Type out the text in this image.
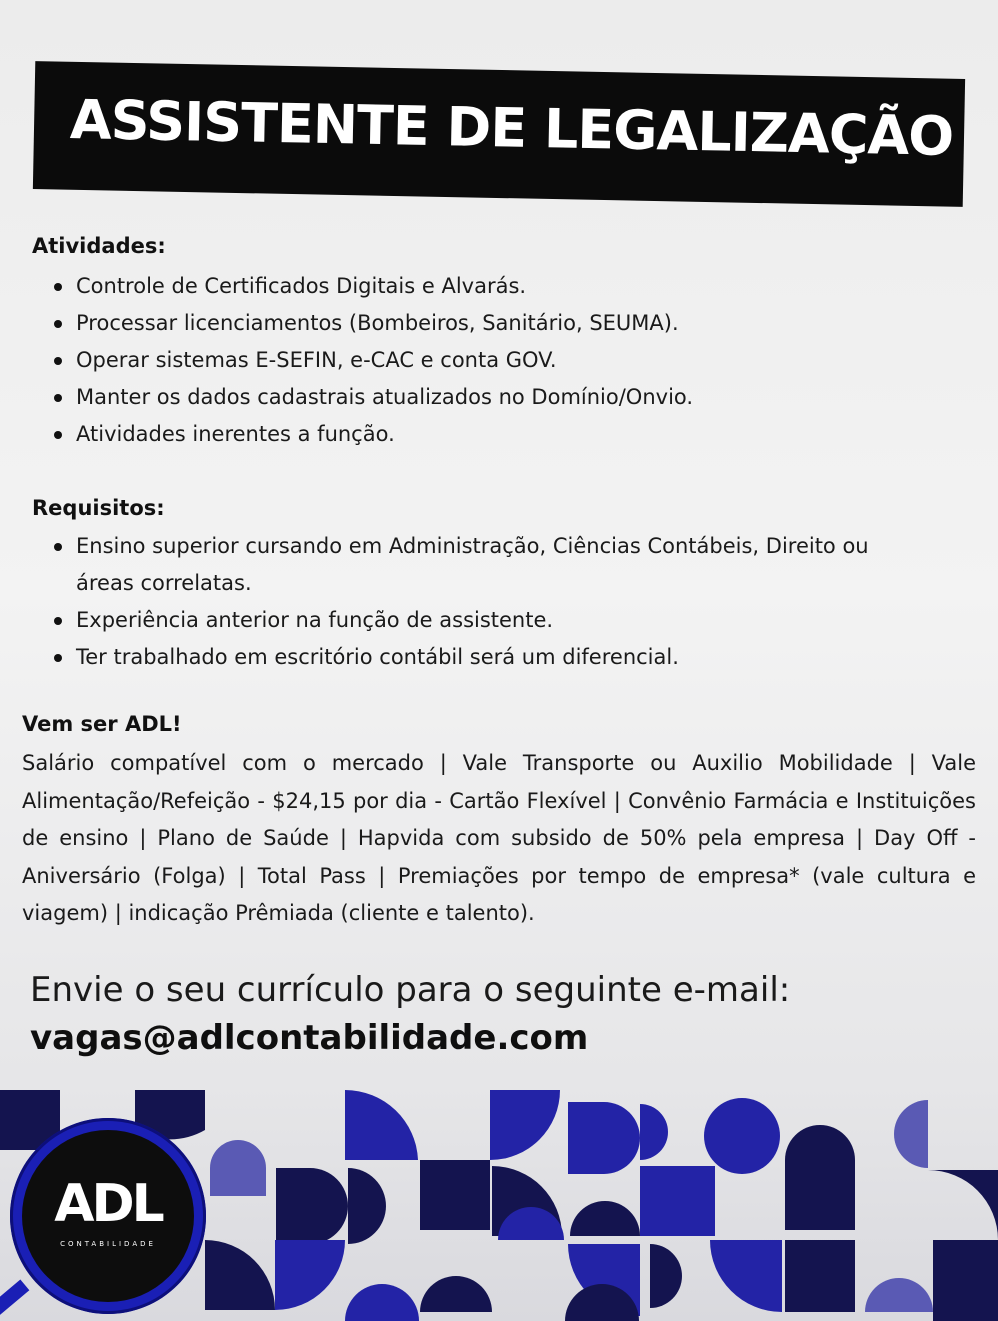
ASSISTENTE DE LEGALIZAÇÃO
Atividades:
Controle de Certificados Digitais e Alvarás.
Processar licenciamentos (Bombeiros, Sanitário, SEUMA).
Operar sistemas E-SEFIN, e-CAC e conta GOV.
Manter os dados cadastrais atualizados no Domínio/Onvio.
Atividades inerentes a função.
Requisitos:
Ensino superior cursando em Administração, Ciências Contábeis, Direito ou áreas correlatas.
Experiência anterior na função de assistente.
Ter trabalhado em escritório contábil será um diferencial.
Vem ser ADL!
Salário compatível com o mercado | Vale Transporte ou Auxilio Mobilidade | Vale Alimentação/Refeição - $24,15 por dia - Cartão Flexível | Convênio Farmácia e Instituições de ensino | Plano de Saúde | Hapvida com subsido de 50% pela empresa | Day Off - Aniversário (Folga) | Total Pass | Premiações por tempo de empresa* (vale cultura e viagem) | indicação Prêmiada (cliente e talento).
Envie o seu currículo para o seguinte e-mail:
vagas@adlcontabilidade.com
ADL
CONTABILIDADE
